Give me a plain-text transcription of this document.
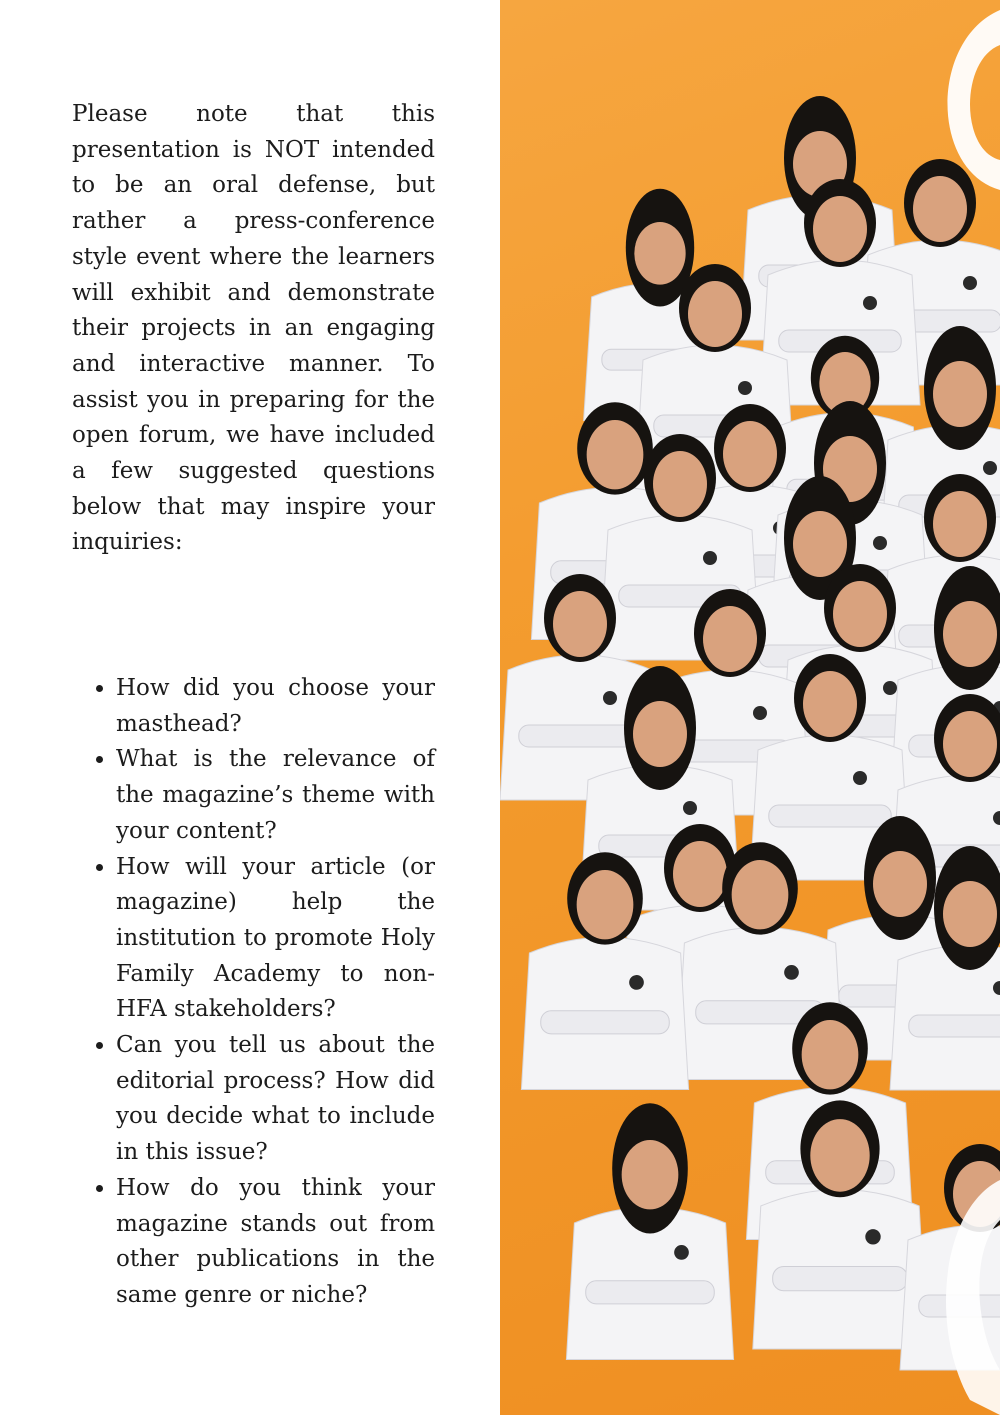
Please note that this presentation is NOT intended to be an oral defense, but rather a press-conference style event where the learners will exhibit and demonstrate their projects in an engaging and interactive manner. To assist you in preparing for the open forum, we have included a few suggested questions below that may inspire your inquiries:

• How did you choose your masthead?
• What is the relevance of the magazine’s theme with your content?
• How will your article (or magazine) help the institution to promote Holy Family Academy to non-HFA stakeholders?
• Can you tell us about the editorial process? How did you decide what to include in this issue?
• How do you think your magazine stands out from other publications in the same genre or niche?
